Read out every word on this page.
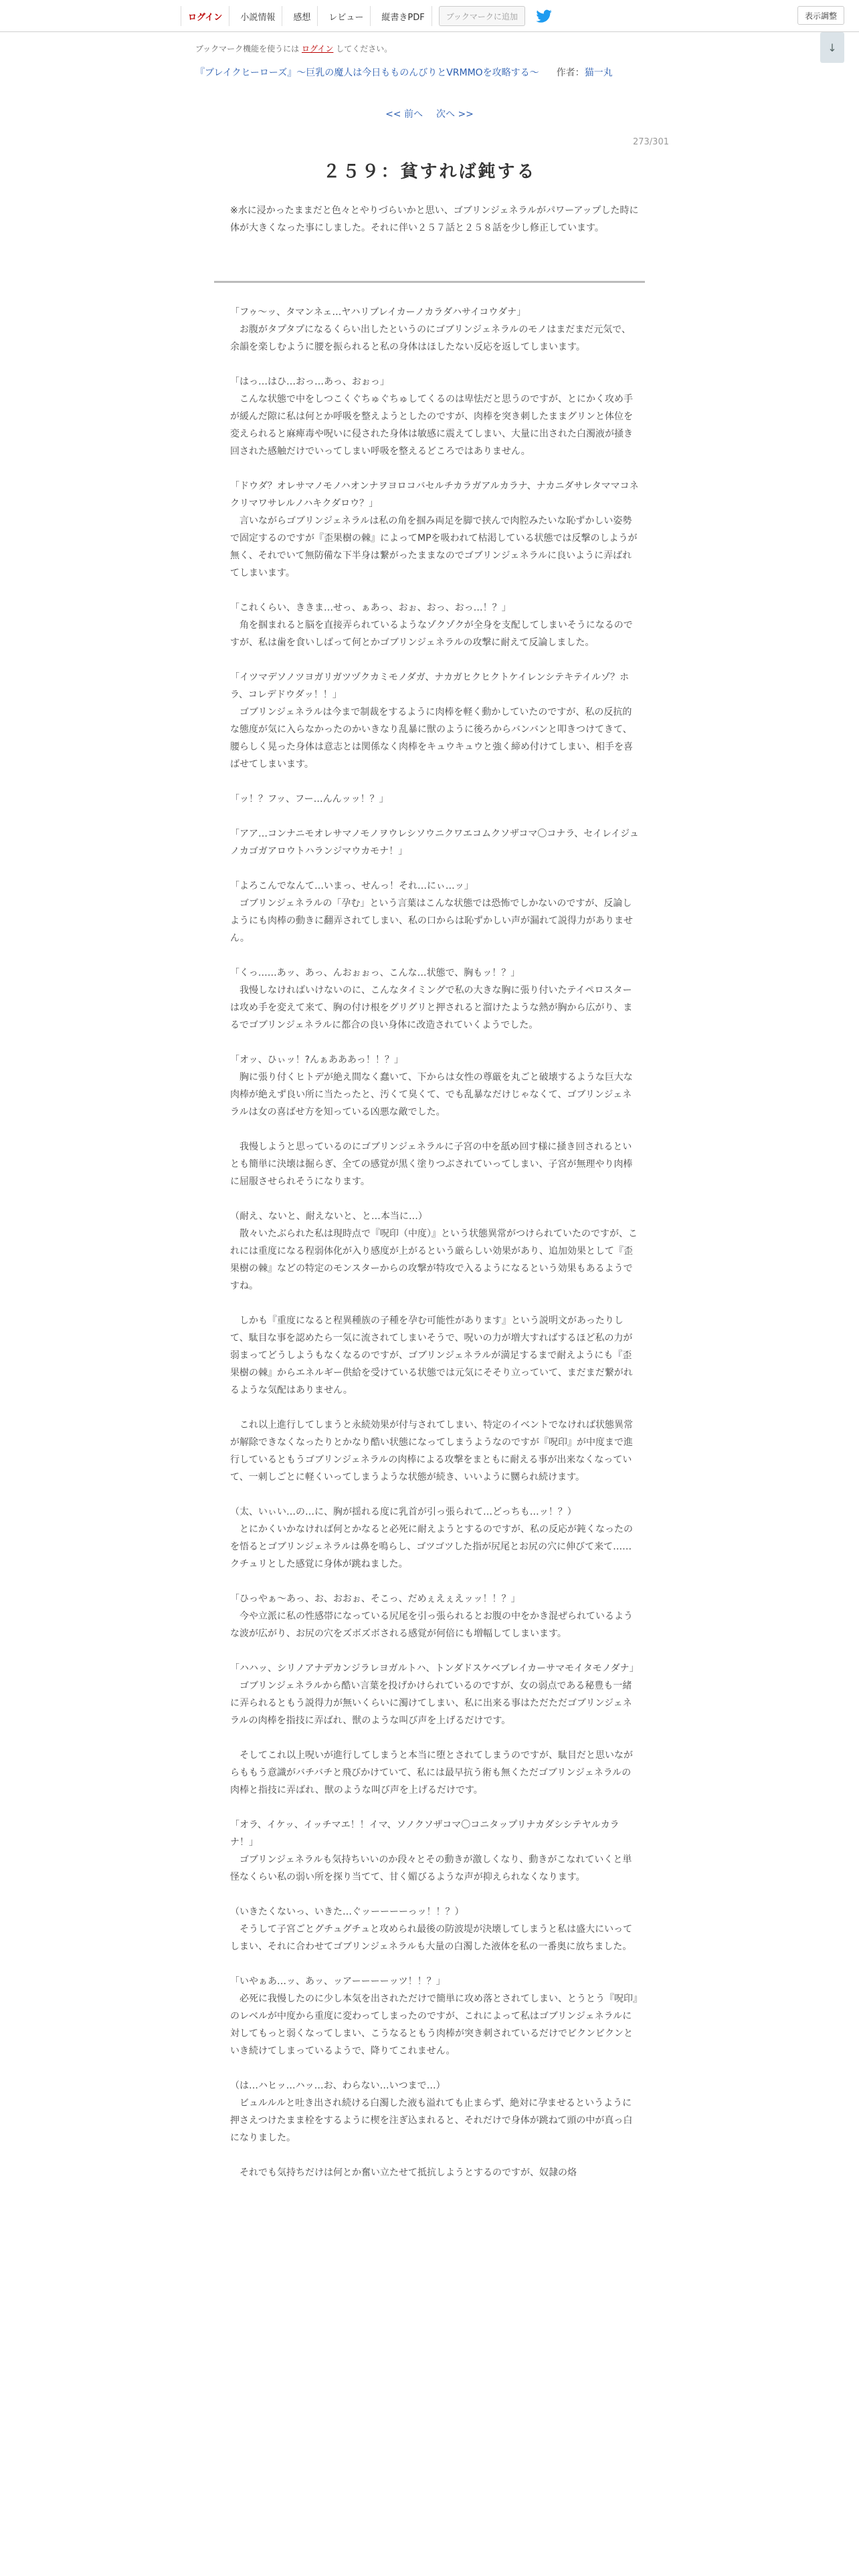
ログイン	小説情報	感想	レビュー	縦書きPDF	ブックマークに追加	表示調整
ブックマーク機能を使うには ログイン してください。	↓
『ブレイクヒーローズ』〜巨乳の魔人は今日もものんびりとVRMMOを攻略する〜 作者：猫一丸
<< 前へ 次へ >>
273/301
２５９：貧すれば鈍する
※水に浸かったままだと色々とやりづらいかと思い、ゴブリンジェネラルがパワーアップした時に体が大きくなった事にしました。それに伴い２５７話と２５８話を少し修正しています。

「フゥ〜ッ、タマンネェ…ヤハリブレイカーノカラダハサイコウダナ」
　お腹がタプタプになるくらい出したというのにゴブリンジェネラルのモノはまだまだ元気で、余韻を楽しむように腰を振られると私の身体はほしたない反応を返してしまいます。

「はっ…はひ…おっ…あっ、おぉっ」
　こんな状態で中をしつこくぐちゅぐちゅしてくるのは卑怯だと思うのですが、とにかく攻め手が緩んだ隙に私は何とか呼吸を整えようとしたのですが、肉棒を突き刺したままグリンと体位を変えられると麻痺毒や呪いに侵された身体は敏感に震えてしまい、大量に出された白濁液が掻き回された感触だけでいってしまい呼吸を整えるどころではありません。

「ドウダ？オレサマノモノハオンナヲヨロコバセルチカラガアルカラナ、ナカニダサレタママコネクリマワサレルノハキクダロウ？」
　言いながらゴブリンジェネラルは私の角を掴み両足を脚で挟んで肉腔みたいな恥ずかしい姿勢で固定するのですが『歪果樹の棘』によってMPを吸われて枯渇している状態では反撃のしようが無く、それでいて無防備な下半身は繋がったままなのでゴブリンジェネラルに良いように弄ばれてしまいます。

「これくらい、ききま…せっ、ぁあっ、おぉ、おっ、おっ…！？」
　角を掴まれると脳を直接弄られているようなゾクゾクが全身を支配してしまいそうになるのですが、私は歯を食いしばって何とかゴブリンジェネラルの攻撃に耐えて反論しました。

「イツマデソノツヨガリガツヅクカミモノダガ、ナカガヒクヒクトケイレンシテキテイルゾ？ホラ、コレデドウダッ！！」
　ゴブリンジェネラルは今まで制裁をするように肉棒を軽く動かしていたのですが、私の反抗的な態度が気に入らなかったのかいきなり乱暴に獣のように後ろからバンバンと叩きつけてきて、腰らしく晃った身体は意志とは関係なく肉棒をキュウキュウと強く締め付けてしまい、相手を喜ばせてしまいます。

「ッ！？フッ、フー…んんッッ！？」

「アア…コンナニモオレサマノモノヲウレシソウニクワエコムクソザコマ〇コナラ、セイレイジュノカゴガアロウトハランジマウカモナ！」

「よろこんでなんて…いまっ、せんっ！それ…にぃ…ッ」
　ゴブリンジェネラルの「孕む」という言葉はこんな状態では恐怖でしかないのですが、反論しようにも肉棒の動きに翻弄されてしまい、私の口からは恥ずかしい声が漏れて説得力がありません。

「くっ……あッ、あっ、んおぉぉっ、こんな…状態で、胸もッ！？」
　我慢しなければいけないのに、こんなタイミングで私の大きな胸に張り付いたテイペロスターは攻め手を変えて来て、胸の付け根をグリグリと押されると溜けたような熱が胸から広がり、まるでゴブリンジェネラルに都合の良い身体に改造されていくようでした。

「オッ、ひぃッ！?んぁあああっ！！？」
　胸に張り付くヒトデが絶え間なく蠢いて、下からは女性の尊厳を丸ごと破壊するような巨大な肉棒が絶えず良い所に当たったと、汚くて臭くて、でも乱暴なだけじゃなくて、ゴブリンジェネラルは女の喜ばせ方を知っている凶悪な敵でした。

　我慢しようと思っているのにゴブリンジェネラルに子宮の中を舐め回す様に掻き回されるといとも簡単に決壊は掘らぎ、全ての感覚が黒く塗りつぶされていってしまい、子宮が無理やり肉棒に屈服させられそうになります。

（耐え、ないと、耐えないと、と…本当に…）
　散々いたぶられた私は現時点で『呪印（中度）』という状態異常がつけられていたのですが、これには重度になる程弱体化が入り感度が上がるという厳らしい効果があり、追加効果として『歪果樹の棘』などの特定のモンスターからの攻撃が特攻で入るようになるという効果もあるようですね。

　しかも『重度になると程異種族の子種を孕む可能性があります』という説明文があったりして、駄目な事を認めたら一気に流されてしまいそうで、呪いの力が増大すればするほど私の力が弱まってどうしようもなくなるのですが、ゴブリンジェネラルが満足するまで耐えようにも『歪果樹の棘』からエネルギー供給を受けている状態では元気にそそり立っていて、まだまだ繋がれるような気配はありません。

　これ以上進行してしまうと永続効果が付与されてしまい、特定のイベントでなければ状態異常が解除できなくなったりとかなり酷い状態になってしまうようなのですが『呪印』が中度まで進行しているともうゴブリンジェネラルの肉棒による攻撃をまともに耐える事が出来なくなっていて、一刺しごとに軽くいってしまうような状態が続き、いいように嬲られ続けます。

（太、いぃい…の…に、胸が揺れる度に乳首が引っ張られて…どっちも…ッ！？）
　とにかくいかなければ何とかなると必死に耐えようとするのですが、私の反応が鈍くなったのを悟るとゴブリンジェネラルは鼻を鳴らし、ゴツゴツした指が尻尾とお尻の穴に伸びて来て……クチュリとした感覚に身体が跳ねました。

「ひっやぁ〜あっ、お、おおぉ、そこっ、だめぇえぇえッッ！！？」
　今や立派に私の性感帯になっている尻尾を引っ張られるとお腹の中をかき混ぜられているような波が広がり、お尻の穴をズボズボされる感覚が何倍にも増幅してしまいます。

「ハハッ、シリノアナデカンジラレヨガルトハ、トンダドスケベブレイカーサマモイタモノダナ」
　ゴブリンジェネラルから酷い言葉を投げかけられているのですが、女の弱点である秘豊も一緒に弄られるともう説得力が無いくらいに濁けてしまい、私に出来る事はただただゴブリンジェネラルの肉棒を指技に弄ばれ、獣のような叫び声を上げるだけです。

　そしてこれ以上呪いが進行してしまうと本当に堕とされてしまうのですが、駄目だと思いながらももう意識がバチバチと飛びかけていて、私には最早抗う術も無くただゴブリンジェネラルの肉棒と指技に弄ばれ、獣のような叫び声を上げるだけです。

「オラ、イケッ、イッチマエ！！イマ、ソノクソザコマ〇コニタップリナカダシシテヤルカラナ！」
　ゴブリンジェネラルも気持ちいいのか段々とその動きが激しくなり、動きがこなれていくと単怪なくらい私の弱い所を探り当てて、甘く媚びるような声が抑えられなくなります。

（いきたくないっ、いきた…ぐッーーーーっッ！！？）
　そうして子宮ごとグチュグチュと攻められ最後の防波堤が決壊してしまうと私は盛大にいってしまい、それに合わせてゴブリンジェネラルも大量の白濁した液体を私の一番奥に放ちました。

「いやぁあ…ッ、あッ、ッアーーーーッツ！！？」
　必死に我慢したのに少し本気を出されただけで簡単に攻め落とされてしまい、とうとう『呪印』のレベルが中度から重度に変わってしまったのですが、これによって私はゴブリンジェネラルに対してもっと弱くなってしまい、こうなるともう肉棒が突き刺されているだけでビクンビクンといき続けてしまっているようで、降りてこれません。

（は…ハヒッ…ハッ…お、わらない…いつまで…）
　ビュルルルと吐き出され続ける白濁した液も溢れても止まらず、絶対に孕ませるというように押さえつけたまま栓をするように楔を注ぎ込まれると、それだけで身体が跳ねて頭の中が真っ白になりました。

　それでも気持ちだけは何とか奮い立たせて抵抗しようとするのですが、奴隷の烙
